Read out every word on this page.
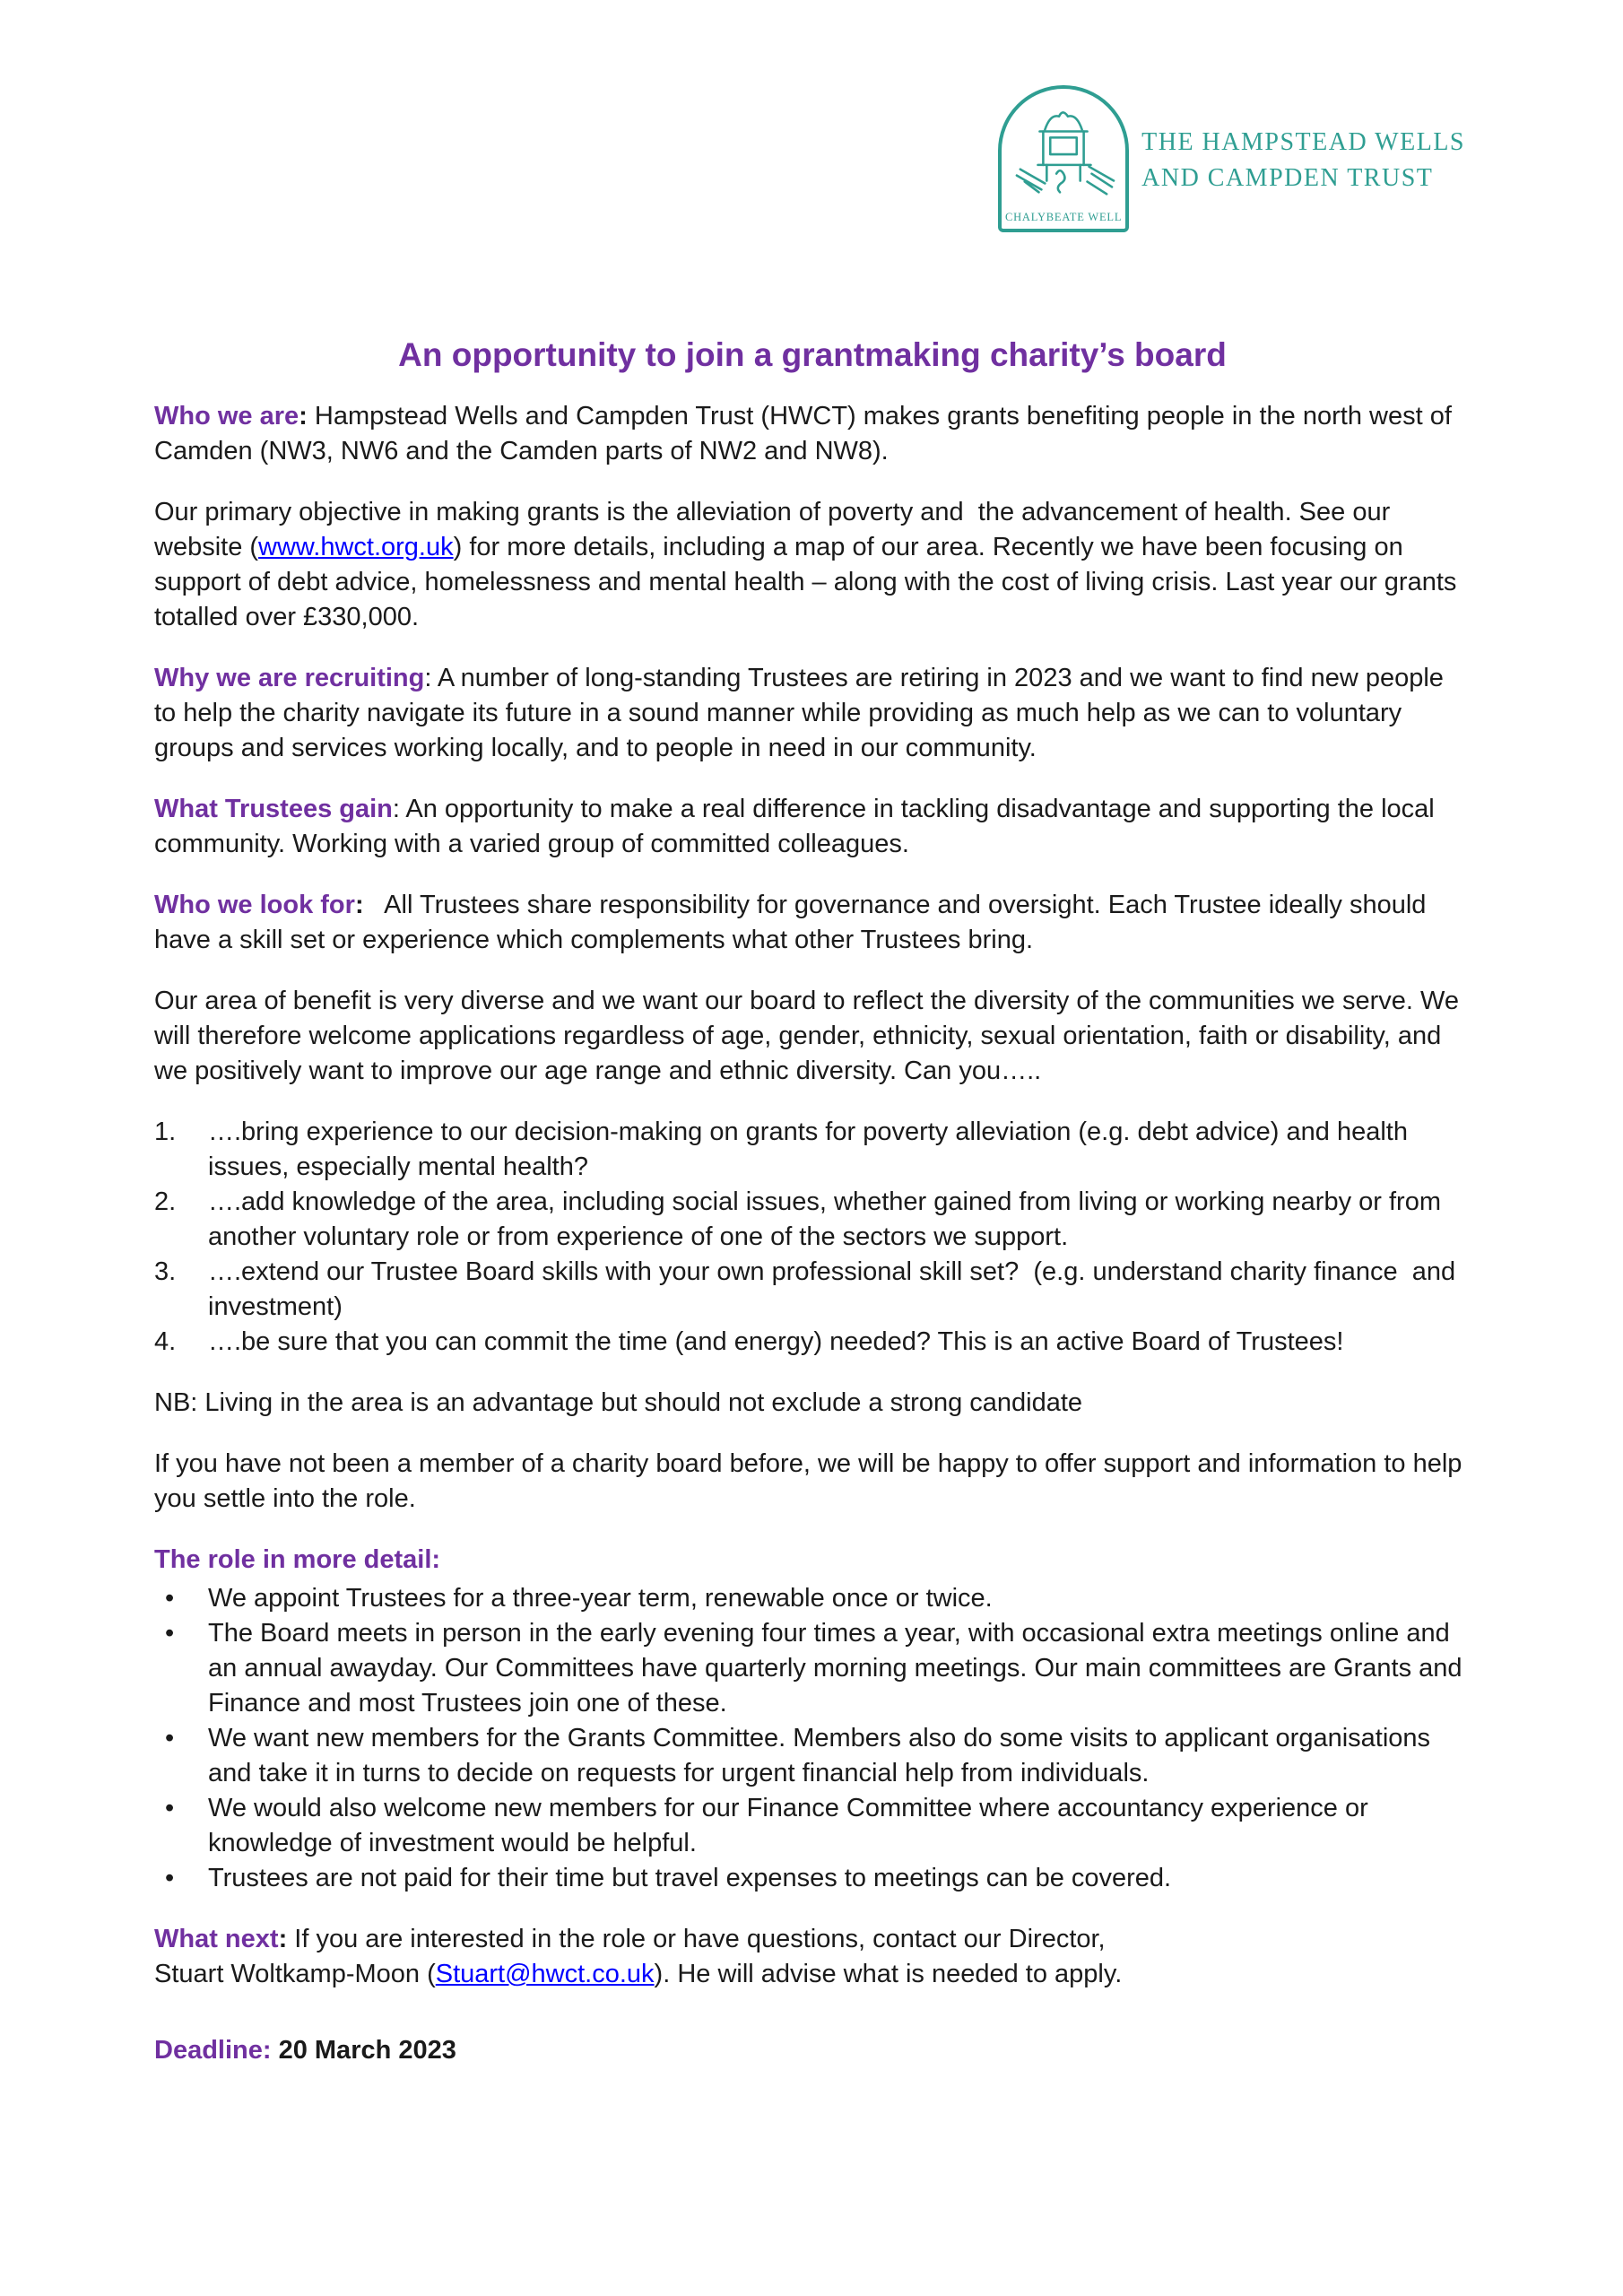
CHALYBEATE WELL
THE HAMPSTEAD WELLS
AND CAMPDEN TRUST
An opportunity to join a grantmaking charity’s board

Who we are: Hampstead Wells and Campden Trust (HWCT) makes grants benefiting people in the north west of Camden (NW3, NW6 and the Camden parts of NW2 and NW8).

Our primary objective in making grants is the alleviation of poverty and  the advancement of health. See our website (www.hwct.org.uk) for more details, including a map of our area. Recently we have been focusing on support of debt advice, homelessness and mental health – along with the cost of living crisis. Last year our grants totalled over £330,000.

Why we are recruiting: A number of long-standing Trustees are retiring in 2023 and we want to find new people to help the charity navigate its future in a sound manner while providing as much help as we can to voluntary groups and services working locally, and to people in need in our community.

What Trustees gain: An opportunity to make a real difference in tackling disadvantage and supporting the local community. Working with a varied group of committed colleagues.

Who we look for:   All Trustees share responsibility for governance and oversight. Each Trustee ideally should have a skill set or experience which complements what other Trustees bring.

Our area of benefit is very diverse and we want our board to reflect the diversity of the communities we serve. We will therefore welcome applications regardless of age, gender, ethnicity, sexual orientation, faith or disability, and we positively want to improve our age range and ethnic diversity. Can you…..

1.	….bring experience to our decision-making on grants for poverty alleviation (e.g. debt advice) and health issues, especially mental health?
2.	….add knowledge of the area, including social issues, whether gained from living or working nearby or from another voluntary role or from experience of one of the sectors we support.
3.	….extend our Trustee Board skills with your own professional skill set?  (e.g. understand charity finance  and investment)
4.	….be sure that you can commit the time (and energy) needed? This is an active Board of Trustees!

NB: Living in the area is an advantage but should not exclude a strong candidate

If you have not been a member of a charity board before, we will be happy to offer support and information to help you settle into the role.

The role in more detail:

•	We appoint Trustees for a three-year term, renewable once or twice.
•	The Board meets in person in the early evening four times a year, with occasional extra meetings online and an annual awayday. Our Committees have quarterly morning meetings. Our main committees are Grants and Finance and most Trustees join one of these.
•	We want new members for the Grants Committee. Members also do some visits to applicant organisations and take it in turns to decide on requests for urgent financial help from individuals.
•	We would also welcome new members for our Finance Committee where accountancy experience or knowledge of investment would be helpful.
•	Trustees are not paid for their time but travel expenses to meetings can be covered.

What next: If you are interested in the role or have questions, contact our Director,
Stuart Woltkamp-Moon (Stuart@hwct.co.uk). He will advise what is needed to apply.

Deadline: 20 March 2023
